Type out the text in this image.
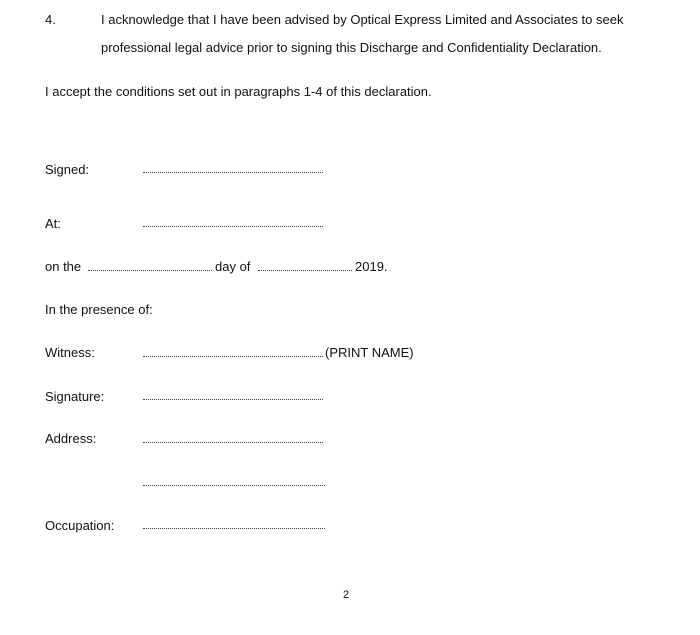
4.	I acknowledge that I have been advised by Optical Express Limited and Associates to seek
professional legal advice prior to signing this Discharge and Confidentiality Declaration.
I accept the conditions set out in paragraphs 1-4 of this declaration.
Signed:
At:
on the	day of	2019.
In the presence of:
Witness:	(PRINT NAME)
Signature:
Address:
Occupation:
2
